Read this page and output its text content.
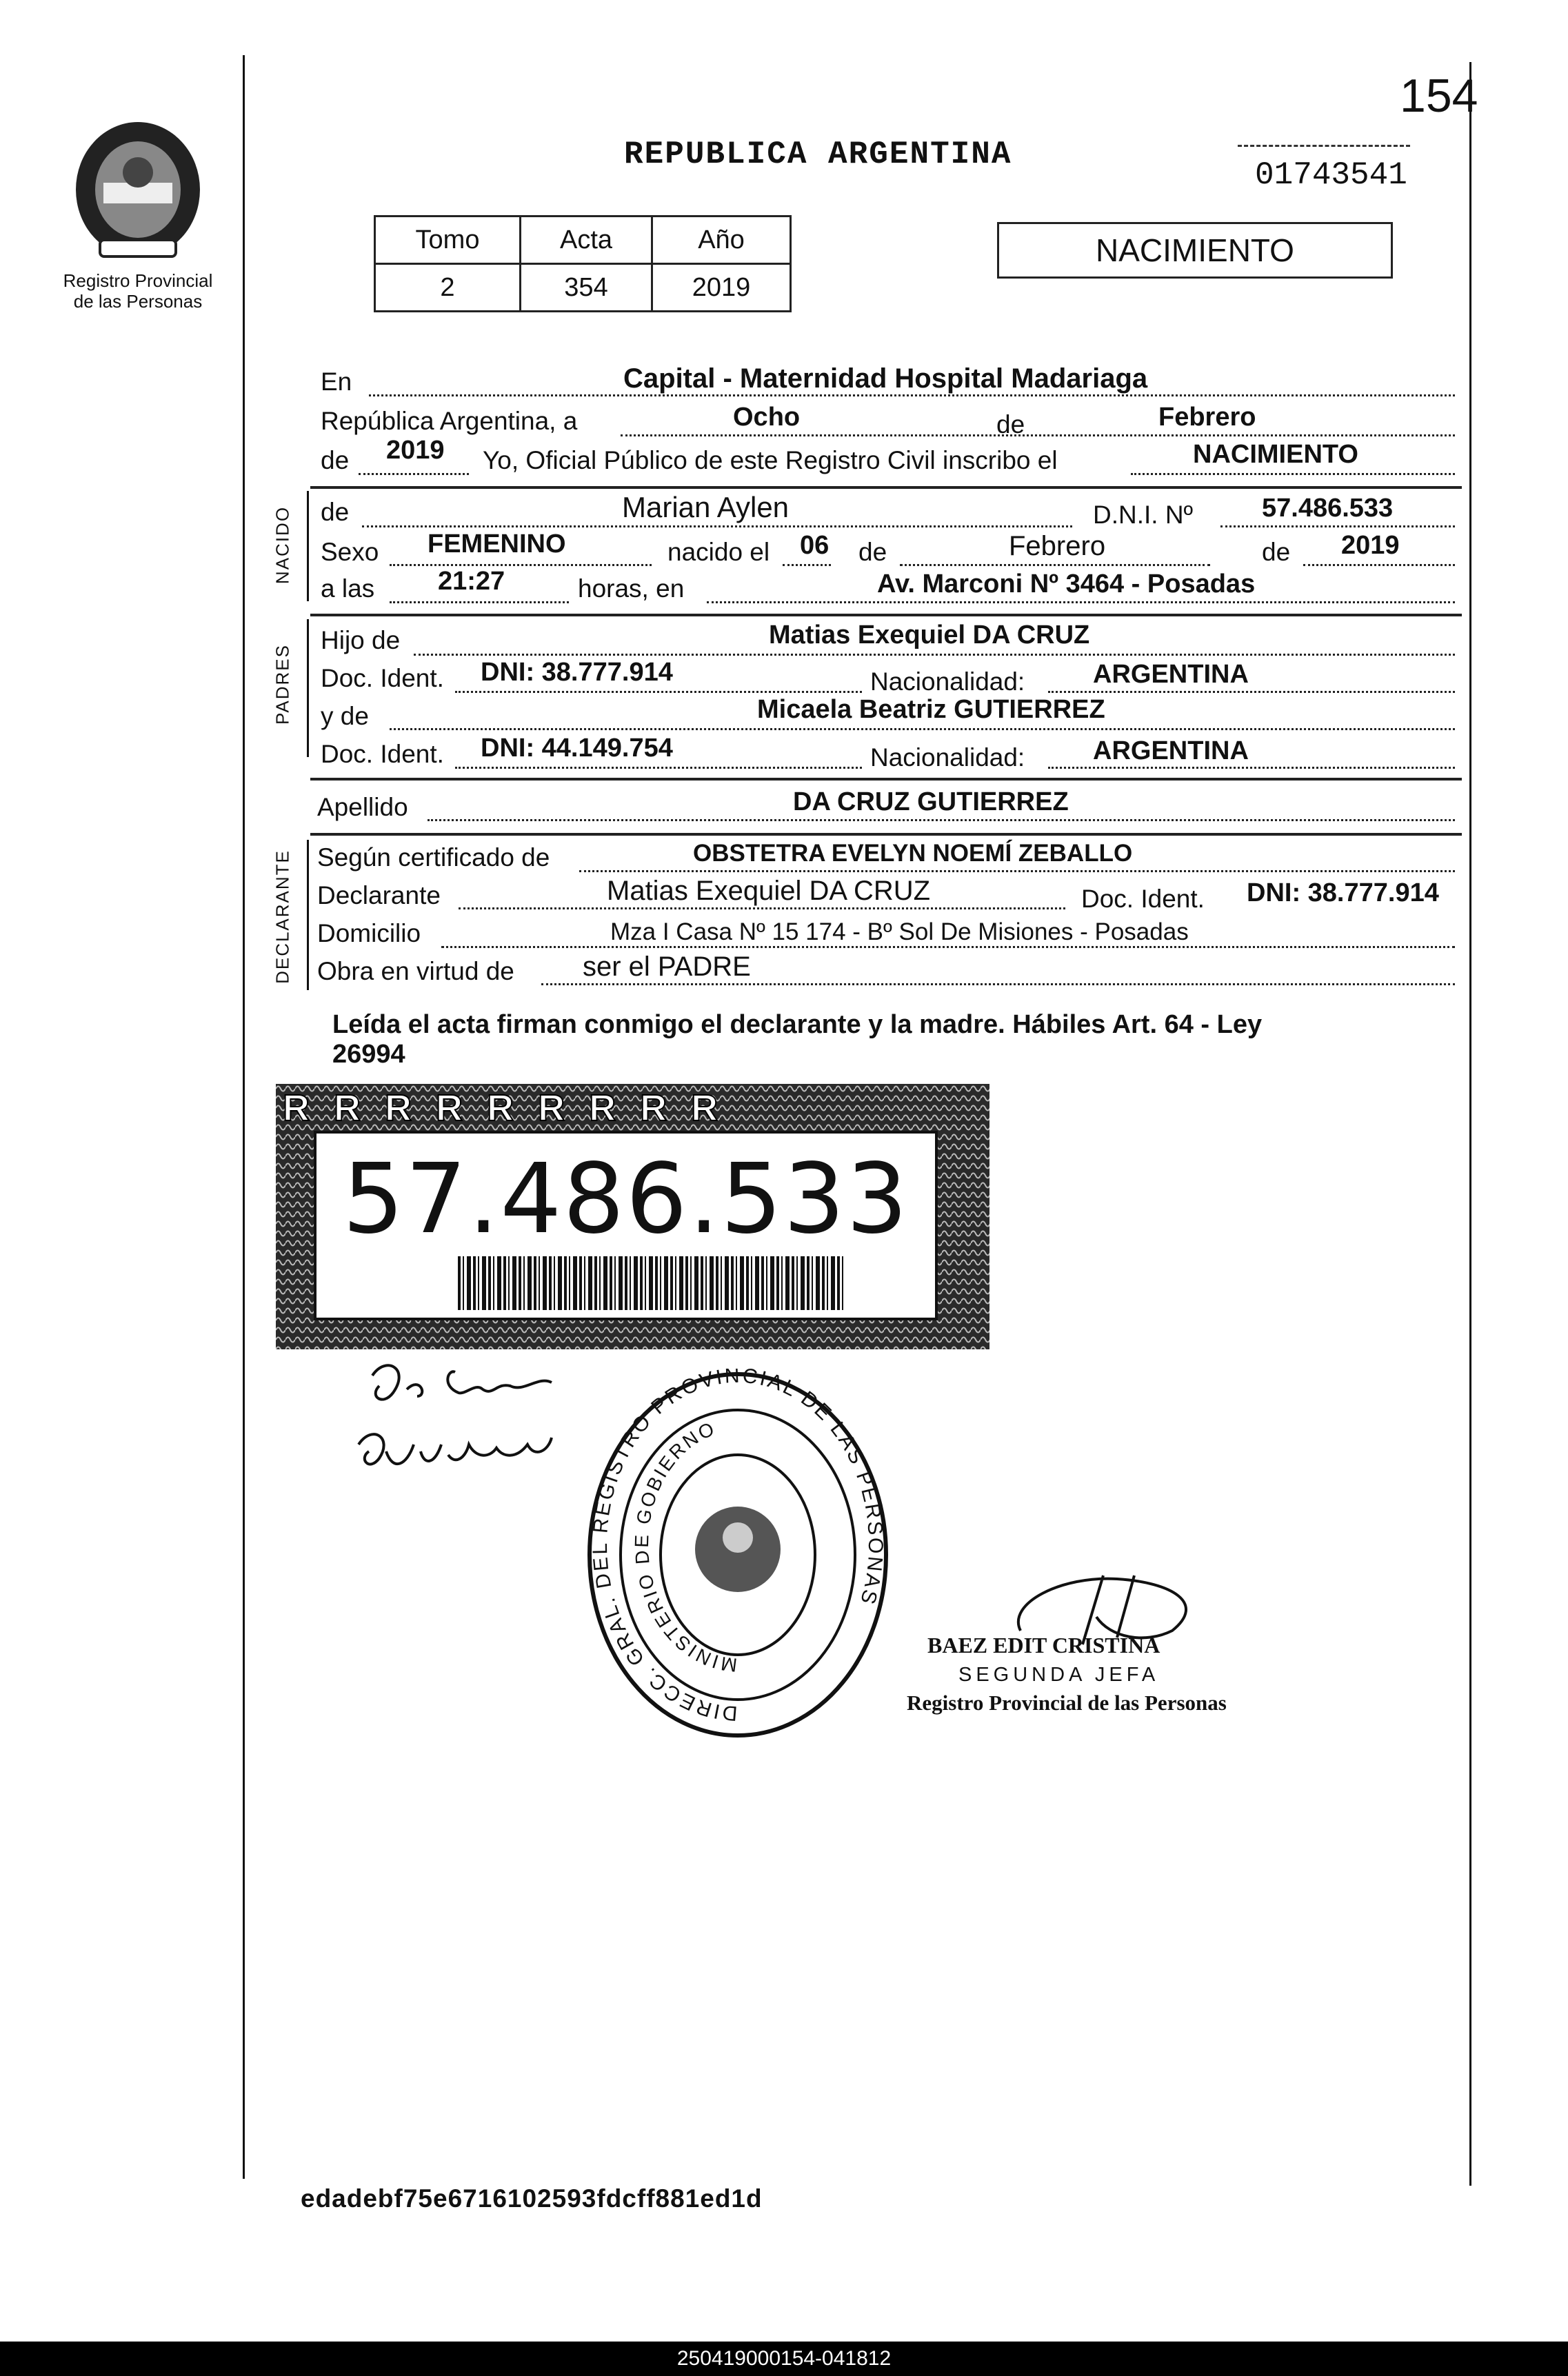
154
Registro Provincial de las Personas
REPUBLICA ARGENTINA
01743541
Tomo	Acta	Año
2	354	2019
NACIMIENTO
En	Capital - Maternidad Hospital Madariaga
República Argentina, a	Ocho	de	Febrero
de 2019 Yo, Oficial Público de este Registro Civil inscribo el	NACIMIENTO
NACIDO de	Marian Aylen	D.N.I. Nº	57.486.533
Sexo FEMENINO	nacido el 06 de	Febrero	de 2019
a las 21:27	horas, en	Av. Marconi Nº 3464 - Posadas
PADRES
Hijo de	Matias Exequiel DA CRUZ
Doc. Ident. DNI: 38.777.914	Nacionalidad:	ARGENTINA
y de	Micaela Beatriz GUTIERREZ
Doc. Ident. DNI: 44.149.754	Nacionalidad:	ARGENTINA
Apellido	DA CRUZ GUTIERREZ
DECLARANTE Según certificado de	OBSTETRA EVELYN NOEMÍ ZEBALLO
Declarante	Matias Exequiel DA CRUZ	Doc. Ident. DNI: 38.777.914
Domicilio	Mza I Casa Nº 15 174 - Bº Sol De Misiones - Posadas
Obra en virtud de ser el PADRE
Leída el acta firman conmigo el declarante y la madre. Hábiles Art. 64 - Ley
26994
R R R R R R R R R
57.486.533
DIRECC. GRAL. DEL REGISTRO PROVINCIAL DE LAS PERSONAS
MINISTERIO DE GOBIERNO
BAEZ EDIT CRISTINA
SEGUNDA JEFA
Registro Provincial de las Personas
edadebf75e6716102593fdcff881ed1d
250419000154-041812
